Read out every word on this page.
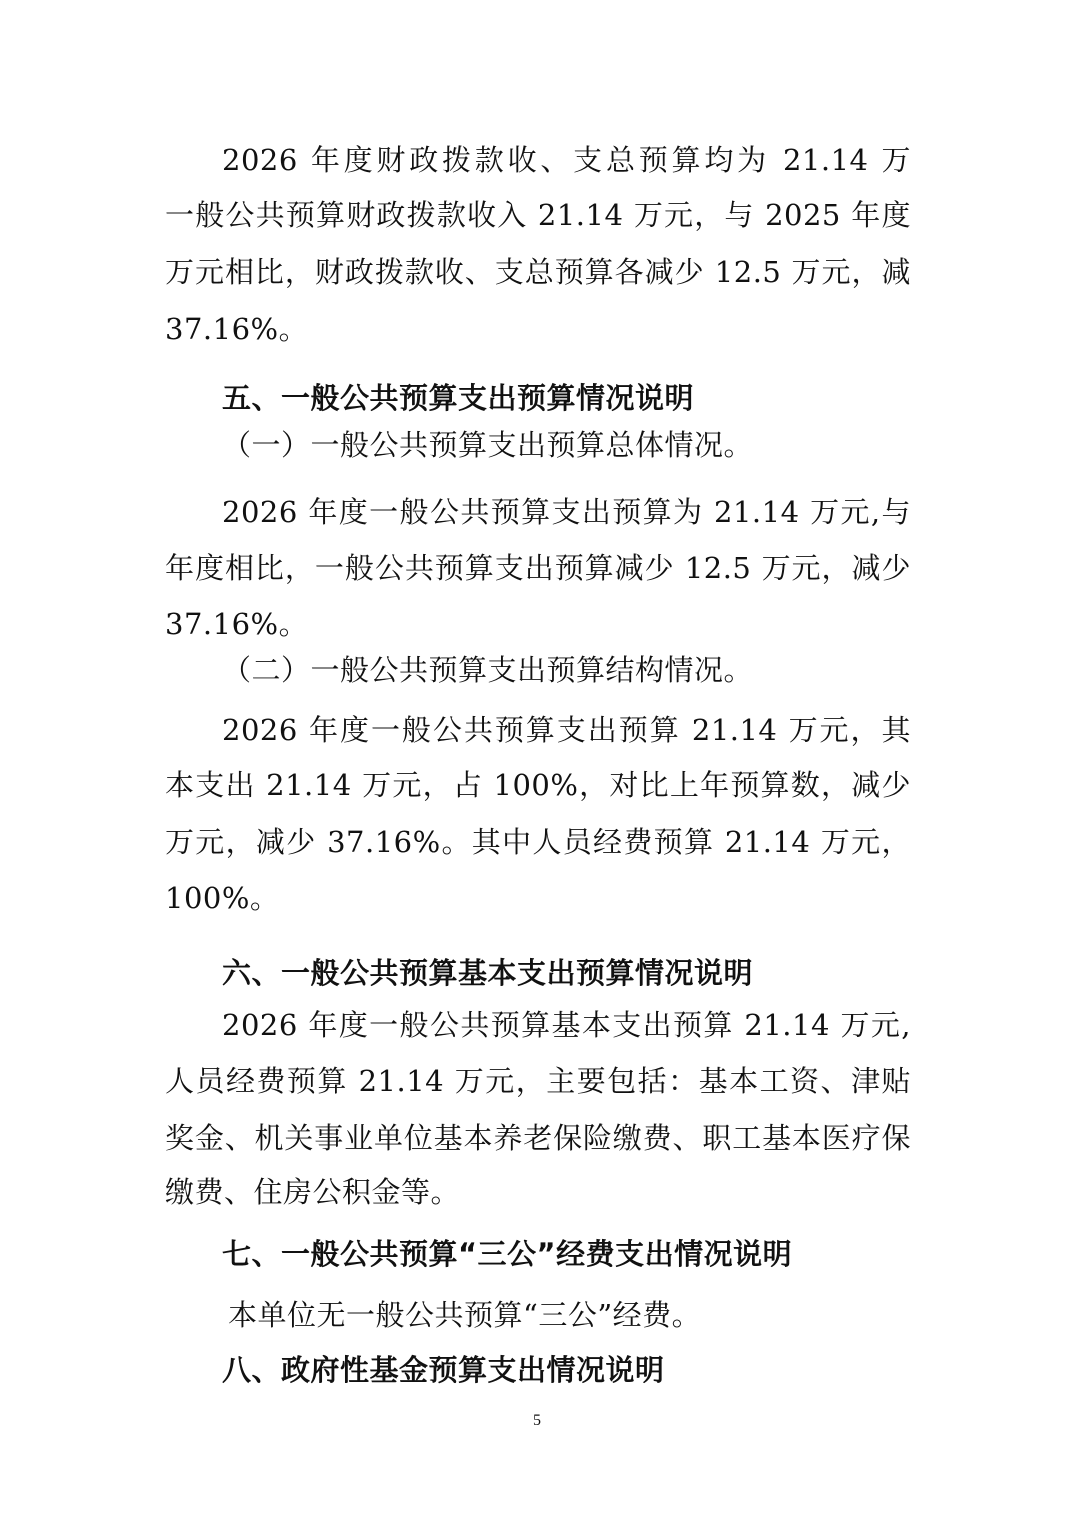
2026 年度财政拨款收、支总预算均为 21.14 万
一般公共预算财政拨款收入 21.14 万元，与 2025 年度
万元相比，财政拨款收、支总预算各减少 12.5 万元，减
37.16%。
五、一般公共预算支出预算情况说明
（一）一般公共预算支出预算总体情况。
2026 年度一般公共预算支出预算为 21.14 万元,与
年度相比，一般公共预算支出预算减少 12.5 万元，减少
37.16%。
（二）一般公共预算支出预算结构情况。
2026 年度一般公共预算支出预算 21.14 万元，其
本支出 21.14 万元，占 100%，对比上年预算数，减少
万元，减少 37.16%。其中人员经费预算 21.14 万元，
100%。
六、一般公共预算基本支出预算情况说明
2026 年度一般公共预算基本支出预算 21.14 万元,
人员经费预算 21.14 万元，主要包括：基本工资、津贴
奖金、机关事业单位基本养老保险缴费、职工基本医疗保
缴费、住房公积金等。
七、一般公共预算“三公”经费支出情况说明
本单位无一般公共预算“三公”经费。
八、政府性基金预算支出情况说明
5
